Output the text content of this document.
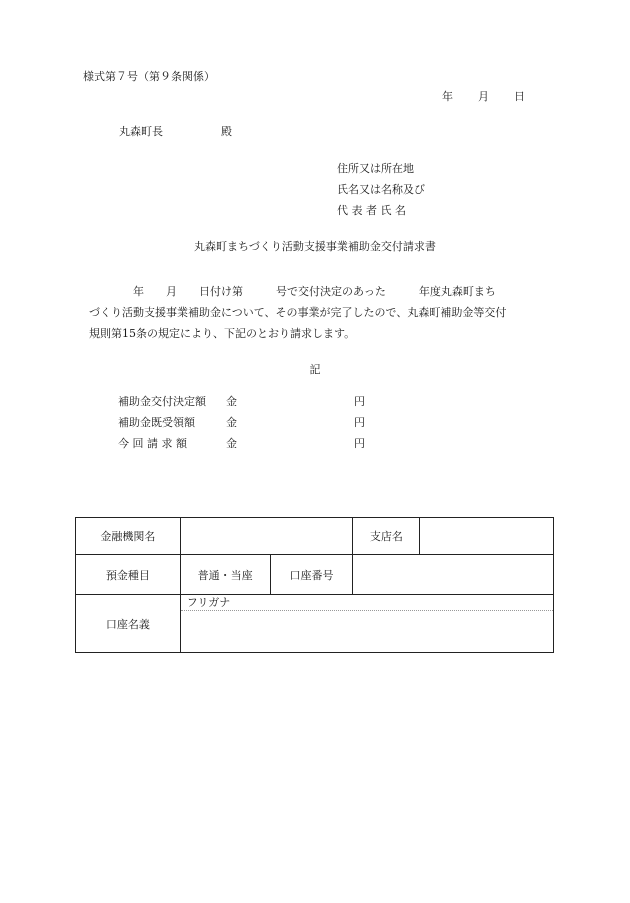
様式第７号（第９条関係）
年 月 日
丸森町長	殿
住所又は所在地
氏名又は名称及び
代 表 者 氏 名
丸森町まちづくり活動支援事業補助金交付請求書

　　　　年　　月　　日付け第　　　号で交付決定のあった　　　年度丸森町まち

づくり活動支援事業補助金について、その事業が完了したので、丸森町補助金等交付

規則第15条の規定により、下記のとおり請求します。

記
補助金交付決定額	金	円
補助金既受領額	金	円
今 回 請 求 額	金	円
金融機関名			支店名	
預金種目	普通・当座	口座番号		
口座名義	フリガナ			
